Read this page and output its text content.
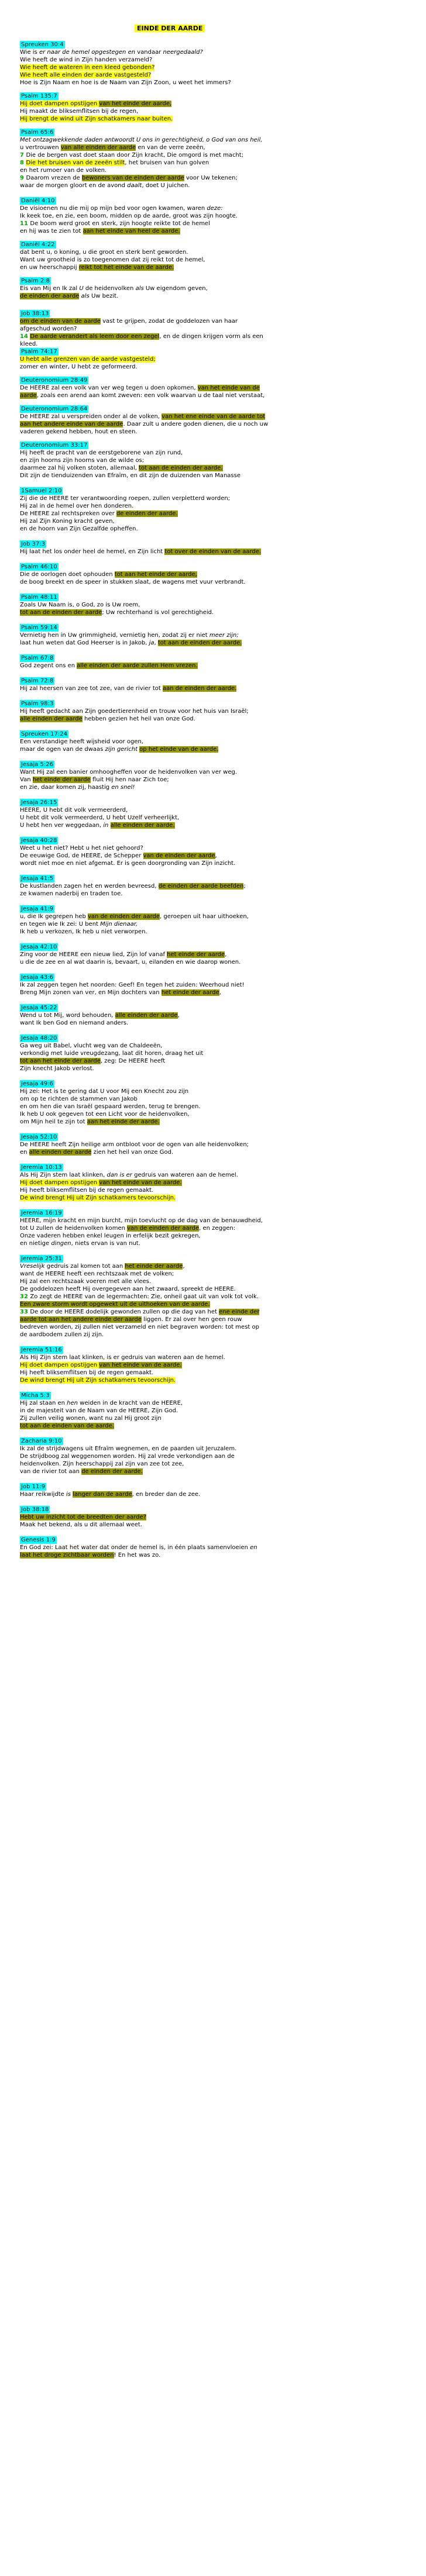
EINDE DER AARDE
Spreuken 30:4
Wie is er naar de hemel opgestegen en vandaar neergedaald?
Wie heeft de wind in Zijn handen verzameld?
Wie heeft de wateren in een kleed gebonden?
Wie heeft alle einden der aarde vastgesteld?
Hoe is Zijn Naam en hoe is de Naam van Zijn Zoon, u weet het immers?
Psalm 135:7
Hij doet dampen opstijgen van het einde der aarde,
Hij maakt de bliksemflitsen bij de regen,
Hij brengt de wind uit Zijn schatkamers naar buiten.
Psalm 65:6
Met ontzagwekkende daden antwoordt U ons in gerechtigheid, o God van ons heil,
u vertrouwen van alle einden der aarde en van de verre zeeën,
7 Die de bergen vast doet staan door Zijn kracht, Die omgord is met macht;
8 Die het bruisen van de zeeën stilt, het bruisen van hun golven
en het rumoer van de volken.
9 Daarom vrezen de bewoners van de einden der aarde voor Uw tekenen;
waar de morgen gloort en de avond daalt, doet U juichen.
Daniël 4:10
De visioenen nu die mij op mijn bed voor ogen kwamen, waren deze:
Ik keek toe, en zie, een boom, midden op de aarde, groot was zijn hoogte.
11 De boom werd groot en sterk, zijn hoogte reikte tot de hemel
en hij was te zien tot aan het einde van heel de aarde.
Daniël 4:22
dat bent u, o koning, u die groot en sterk bent geworden.
Want uw grootheid is zo toegenomen dat zij reikt tot de hemel,
en uw heerschappij reikt tot het einde van de aarde.
Psalm 2:8
Eis van Mij en Ik zal U de heidenvolken als Uw eigendom geven,
de einden der aarde als Uw bezit.
Job 38:13
om de einden van de aarde vast te grijpen, zodat de goddelozen van haar
afgeschud worden?
14 De aarde verandert als leem door een zegel, en de dingen krijgen vorm als een
kleed.
Psalm 74:17
U hebt alle grenzen van de aarde vastgesteld;
zomer en winter, U hebt ze geformeerd.
Deuteronomium 28:49
De HEERE zal een volk van ver weg tegen u doen opkomen, van het einde van de
aarde, zoals een arend aan komt zweven: een volk waarvan u de taal niet verstaat,
Deuteronomium 28:64
De HEERE zal u verspreiden onder al de volken, van het ene einde van de aarde tot
aan het andere einde van de aarde. Daar zult u andere goden dienen, die u noch uw
vaderen gekend hebben, hout en steen.
Deuteronomium 33:17
Hij heeft de pracht van de eerstgeborene van zijn rund,
en zijn hoorns zijn hoorns van de wilde os;
daarmee zal hij volken stoten, allemaal, tot aan de einden der aarde.
Dit zijn de tienduizenden van Efraïm, en dit zijn de duizenden van Manasse
1Samuel 2:10
Zij die de HEERE ter verantwoording roepen, zullen verpletterd worden;
Hij zal in de hemel over hen donderen.
De HEERE zal rechtspreken over de einden der aarde.
Hij zal Zijn Koning kracht geven,
en de hoorn van Zijn Gezalfde opheffen.
Job 37:3
Hij laat het los onder heel de hemel, en Zijn licht tot over de einden van de aarde.
Psalm 46:10
Die de oorlogen doet ophouden tot aan het einde der aarde,
de boog breekt en de speer in stukken slaat, de wagens met vuur verbrandt.
Psalm 48:11
Zoals Uw Naam is, o God, zo is Uw roem,
tot aan de einden der aarde; Uw rechterhand is vol gerechtigheid.
Psalm 59:14
Vernietig hen in Uw grimmigheid, vernietig hen, zodat zij er niet meer zijn;
laat hun weten dat God Heerser is in Jakob, ja, tot aan de einden der aarde.
Psalm 67:8
God zegent ons en alle einden der aarde zullen Hem vrezen.
Psalm 72:8
Hij zal heersen van zee tot zee, van de rivier tot aan de einden der aarde.
Psalm 98:3
Hij heeft gedacht aan Zijn goedertierenheid en trouw voor het huis van Israël;
alle einden der aarde hebben gezien het heil van onze God.
Spreuken 17:24
Een verstandige heeft wijsheid voor ogen,
maar de ogen van de dwaas zijn gericht op het einde van de aarde.
Jesaja 5:26
Want Hij zal een banier omhoogheffen voor de heidenvolken van ver weg.
Van het einde der aarde fluit Hij hen naar Zich toe;
en zie, daar komen zij, haastig en snel!
Jesaja 26:15
HEERE, U hebt dit volk vermeerderd,
U hebt dit volk vermeerderd, U hebt Uzelf verheerlijkt,
U hebt hen ver weggedaan, in alle einden der aarde.
Jesaja 40:28
Weet u het niet? Hebt u het niet gehoord?
De eeuwige God, de HEERE, de Schepper van de einden der aarde,
wordt niet moe en niet afgemat. Er is geen doorgronding van Zijn inzicht.
Jesaja 41:5
De kustlanden zagen het en werden bevreesd, de einden der aarde beefden;
ze kwamen naderbij en traden toe.
Jesaja 41:9
u, die Ik gegrepen heb van de einden der aarde, geroepen uit haar uithoeken,
en tegen wie Ik zei: U bent Mijn dienaar,
Ik heb u verkozen, Ik heb u niet verworpen.
Jesaja 42:10
Zing voor de HEERE een nieuw lied, Zijn lof vanaf het einde der aarde,
u die de zee en al wat daarin is, bevaart, u, eilanden en wie daarop wonen.
Jesaja 43:6
Ik zal zeggen tegen het noorden: Geef! En tegen het zuiden: Weerhoud niet!
Breng Mijn zonen van ver, en Mijn dochters van het einde der aarde,
Jesaja 45:22
Wend u tot Mij, word behouden, alle einden der aarde,
want Ik ben God en niemand anders.
Jesaja 48:20
Ga weg uit Babel, vlucht weg van de Chaldeeën,
verkondig met luide vreugdezang, laat dit horen, draag het uit
tot aan het einde der aarde, zeg: De HEERE heeft
Zijn knecht Jakob verlost.
Jesaja 49:6
Hij zei: Het is te gering dat U voor Mij een Knecht zou zijn
om op te richten de stammen van Jakob
en om hen die van Israël gespaard werden, terug te brengen.
Ik heb U ook gegeven tot een Licht voor de heidenvolken,
om Mijn heil te zijn tot aan het einde der aarde.
Jesaja 52:10
De HEERE heeft Zijn heilige arm ontbloot voor de ogen van alle heidenvolken;
en alle einden der aarde zien het heil van onze God.
Jeremia 10:13
Als Hij Zijn stem laat klinken, dan is er gedruis van wateren aan de hemel.
Hij doet dampen opstijgen van het einde van de aarde.
Hij heeft bliksemflitsen bij de regen gemaakt.
De wind brengt Hij uit Zijn schatkamers tevoorschijn.
Jeremia 16:19
HEERE, mijn kracht en mijn burcht, mijn toevlucht op de dag van de benauwdheid,
tot U zullen de heidenvolken komen van de einden der aarde, en zeggen:
Onze vaderen hebben enkel leugen in erfelijk bezit gekregen,
en nietige dingen, niets ervan is van nut.
Jeremia 25:31
Vreselijk gedruis zal komen tot aan het einde der aarde,
want de HEERE heeft een rechtszaak met de volken;
Hij zal een rechtszaak voeren met alle vlees.
De goddelozen heeft Hij overgegeven aan het zwaard, spreekt de HEERE.
32 Zo zegt de HEERE van de legermachten: Zie, onheil gaat uit van volk tot volk.
Een zware storm wordt opgewekt uit de uithoeken van de aarde.
33 De door de HEERE dodelijk gewonden zullen op die dag van het ene einde der
aarde tot aan het andere einde der aarde liggen. Er zal over hen geen rouw
bedreven worden, zij zullen niet verzameld en niet begraven worden: tot mest op
de aardbodem zullen zij zijn.
Jeremia 51:16
Als Hij Zijn stem laat klinken, is er gedruis van wateren aan de hemel.
Hij doet dampen opstijgen van het einde van de aarde.
Hij heeft bliksemflitsen bij de regen gemaakt.
De wind brengt Hij uit Zijn schatkamers tevoorschijn.
Micha 5:3
Hij zal staan en hen weiden in de kracht van de HEERE,
in de majesteit van de Naam van de HEERE, Zijn God.
Zij zullen veilig wonen, want nu zal Hij groot zijn
tot aan de einden van de aarde.
Zacharia 9:10
Ik zal de strijdwagens uit Efraïm wegnemen, en de paarden uit Jeruzalem.
De strijdboog zal weggenomen worden. Hij zal vrede verkondigen aan de
heidenvolken. Zijn heerschappij zal zijn van zee tot zee,
van de rivier tot aan de einden der aarde.
Job 11:9
Haar reikwijdte is langer dan de aarde, en breder dan de zee.
Job 38:18
Hebt uw inzicht tot de breedten der aarde?
Maak het bekend, als u dit allemaal weet.
Genesis 1:9
En God zei: Laat het water dat onder de hemel is, in één plaats samenvloeien en
laat het droge zichtbaar worden! En het was zo.
